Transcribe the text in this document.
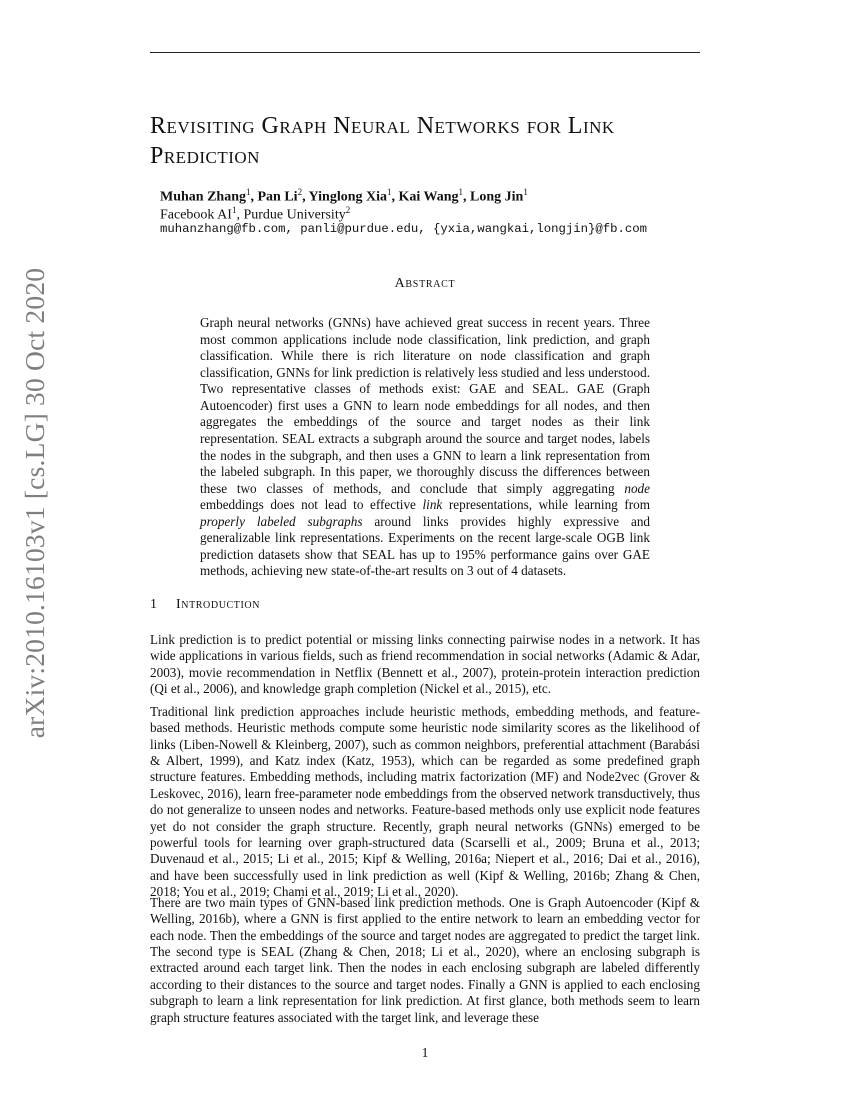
arXiv:2010.16103v1 [cs.LG] 30 Oct 2020
Revisiting Graph Neural Networks for Link Prediction
Muhan Zhang$^1$, Pan Li$^2$, Yinglong Xia$^1$, Kai Wang$^1$, Long Jin$^1$
Facebook $AI^1$, Purdue University$^2$
muhanzhang@fb.com, panli@purdue.edu, {yxia,wangkai,longjin}@fb.com
Abstract

Graph neural networks (GNNs) have achieved great success in recent years. Three most common applications include node classification, link prediction, and graph classification. While there is rich literature on node classification and graph classification, GNNs for link prediction is relatively less studied and less understood. Two representative classes of methods exist: GAE and SEAL. GAE (Graph Autoencoder) first uses a GNN to learn node embeddings for all nodes, and then aggregates the embeddings of the source and target nodes as their link representation. SEAL extracts a subgraph around the source and target nodes, labels the nodes in the subgraph, and then uses a GNN to learn a link representation from the labeled subgraph. In this paper, we thoroughly discuss the differences between these two classes of methods, and conclude that simply aggregating node embeddings does not lead to effective link representations, while learning from properly labeled subgraphs around links provides highly expressive and generalizable link representations. Experiments on the recent large-scale OGB link prediction datasets show that SEAL has up to 195% performance gains over GAE methods, achieving new state-of-the-art results on 3 out of 4 datasets.

1 Introduction

Link prediction is to predict potential or missing links connecting pairwise nodes in a network. It has wide applications in various fields, such as friend recommendation in social networks (Adamic & Adar, 2003), movie recommendation in Netflix (Bennett et al., 2007), protein-protein interaction prediction (Qi et al., 2006), and knowledge graph completion (Nickel et al., 2015), etc.

Traditional link prediction approaches include heuristic methods, embedding methods, and feature-based methods. Heuristic methods compute some heuristic node similarity scores as the likelihood of links (Liben-Nowell & Kleinberg, 2007), such as common neighbors, preferential attachment (Barabási & Albert, 1999), and Katz index (Katz, 1953), which can be regarded as some predefined graph structure features. Embedding methods, including matrix factorization (MF) and Node2vec (Grover & Leskovec, 2016), learn free-parameter node embeddings from the observed network transductively, thus do not generalize to unseen nodes and networks. Feature-based methods only use explicit node features yet do not consider the graph structure. Recently, graph neural networks (GNNs) emerged to be powerful tools for learning over graph-structured data (Scarselli et al., 2009; Bruna et al., 2013; Duvenaud et al., 2015; Li et al., 2015; Kipf & Welling, 2016a; Niepert et al., 2016; Dai et al., 2016), and have been successfully used in link prediction as well (Kipf & Welling, 2016b; Zhang & Chen, 2018; You et al., 2019; Chami et al., 2019; Li et al., 2020).

There are two main types of GNN-based link prediction methods. One is Graph Autoencoder (Kipf & Welling, 2016b), where a GNN is first applied to the entire network to learn an embedding vector for each node. Then the embeddings of the source and target nodes are aggregated to predict the target link. The second type is SEAL (Zhang & Chen, 2018; Li et al., 2020), where an enclosing subgraph is extracted around each target link. Then the nodes in each enclosing subgraph are labeled differently according to their distances to the source and target nodes. Finally a GNN is applied to each enclosing subgraph to learn a link representation for link prediction. At first glance, both methods seem to learn graph structure features associated with the target link, and leverage these

1
